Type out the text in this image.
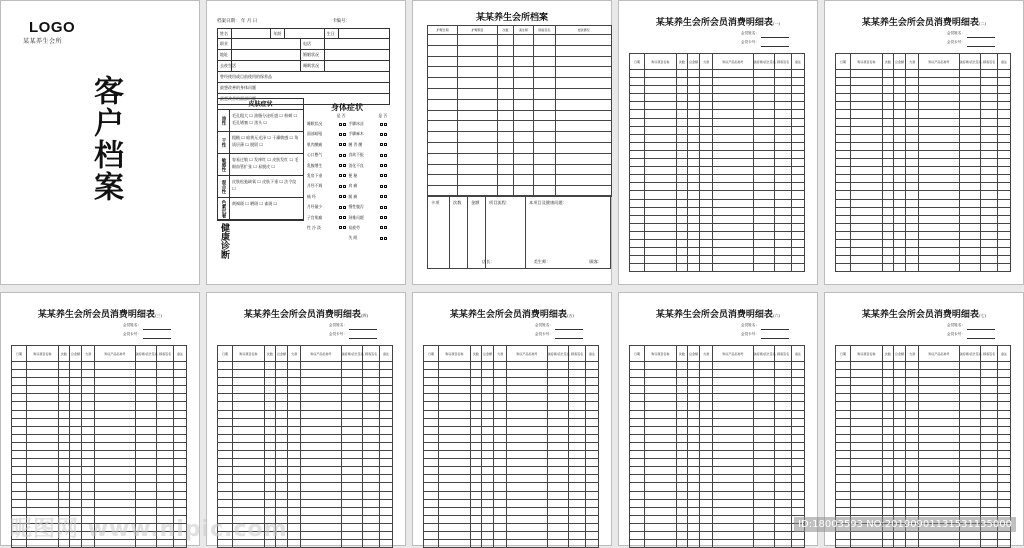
LOGO
某某养生会所
客户档案
档案日期： 年 月 日	卡编号：
姓名	年龄	生日
职业	电话
地址	婚姻状况
去夜生活	睡眠状况
曾经使用或目前使用的保养品
最想改善的身体问题
最想改善的面部问题
皮肤症状
油性
毛孔粗大 ☐ 油脂分泌旺盛 ☐ 粉刺 ☐ 毛孔堵塞 ☐ 黑头 ☐
干性
粗糙 ☐ 暗黄无光泽 ☐ 干燥敏感 ☐ 角质层薄 ☐ 脱屑 ☐
敏感性	容易过敏 ☐ 发痒红 ☐ 皮肤发红 ☐ 毛细血管扩张 ☐ 易脱皮 ☐
混合性	皮肤松弛缺氧 ☐ 皮肤下垂 ☐ 法令纹 ☐
色素沉着	黄褐斑 ☐ 晒斑 ☐ 雀斑 ☐
健康诊断
身体症状
是 否	是 否
睡眠状况	手脚冰凉
面部暗哑	手脚麻木
肌肉酸痛	腰 背 酸
心口憋气	食欲不振
乳腺增生	消化不良
乳房下垂	便 秘
月经不调	肩 痛
痛 经	腿 痛
月经量少	慢性腹泻
子宫肌瘤	颈椎问题
性 冷 淡	易疲劳
失 眠
某某养生会所档案
护理日期	护理项目	次数	美生师	顾客签名	皮肤情况

卡项	次数	金额	项目流程：	本项目及健康问题：
店长：	美生师：	顾客：
某某养生会所会员消费明细表(一)
会员姓名：
会员卡号：
日期	购买项目名称	次数	总金额	欠款	购买产品名称号	美容师/店长签名	顾客签名	备注

某某养生会所会员消费明细表(二)
会员姓名：
会员卡号：
日期	购买项目名称	次数	总金额	欠款	购买产品名称号	美容师/店长签名	顾客签名	备注

某某养生会所会员消费明细表(三)
会员姓名：
会员卡号：
日期	购买项目名称	次数	总金额	欠款	购买产品名称号	美容师/店长签名	顾客签名	备注

某某养生会所会员消费明细表(四)
会员姓名：
会员卡号：
日期	购买项目名称	次数	总金额	欠款	购买产品名称号	美容师/店长签名	顾客签名	备注

某某养生会所会员消费明细表(五)
会员姓名：
会员卡号：
日期	购买项目名称	次数	总金额	欠款	购买产品名称号	美容师/店长签名	顾客签名	备注

某某养生会所会员消费明细表(六)
会员姓名：
会员卡号：
日期	购买项目名称	次数	总金额	欠款	购买产品名称号	美容师/店长签名	顾客签名	备注

某某养生会所会员消费明细表(七)
会员姓名：
会员卡号：
日期	购买项目名称	次数	总金额	欠款	购买产品名称号	美容师/店长签名	顾客签名	备注

昵图网 www.nipic.com	ID:18003593 NO:20190901131531135000
